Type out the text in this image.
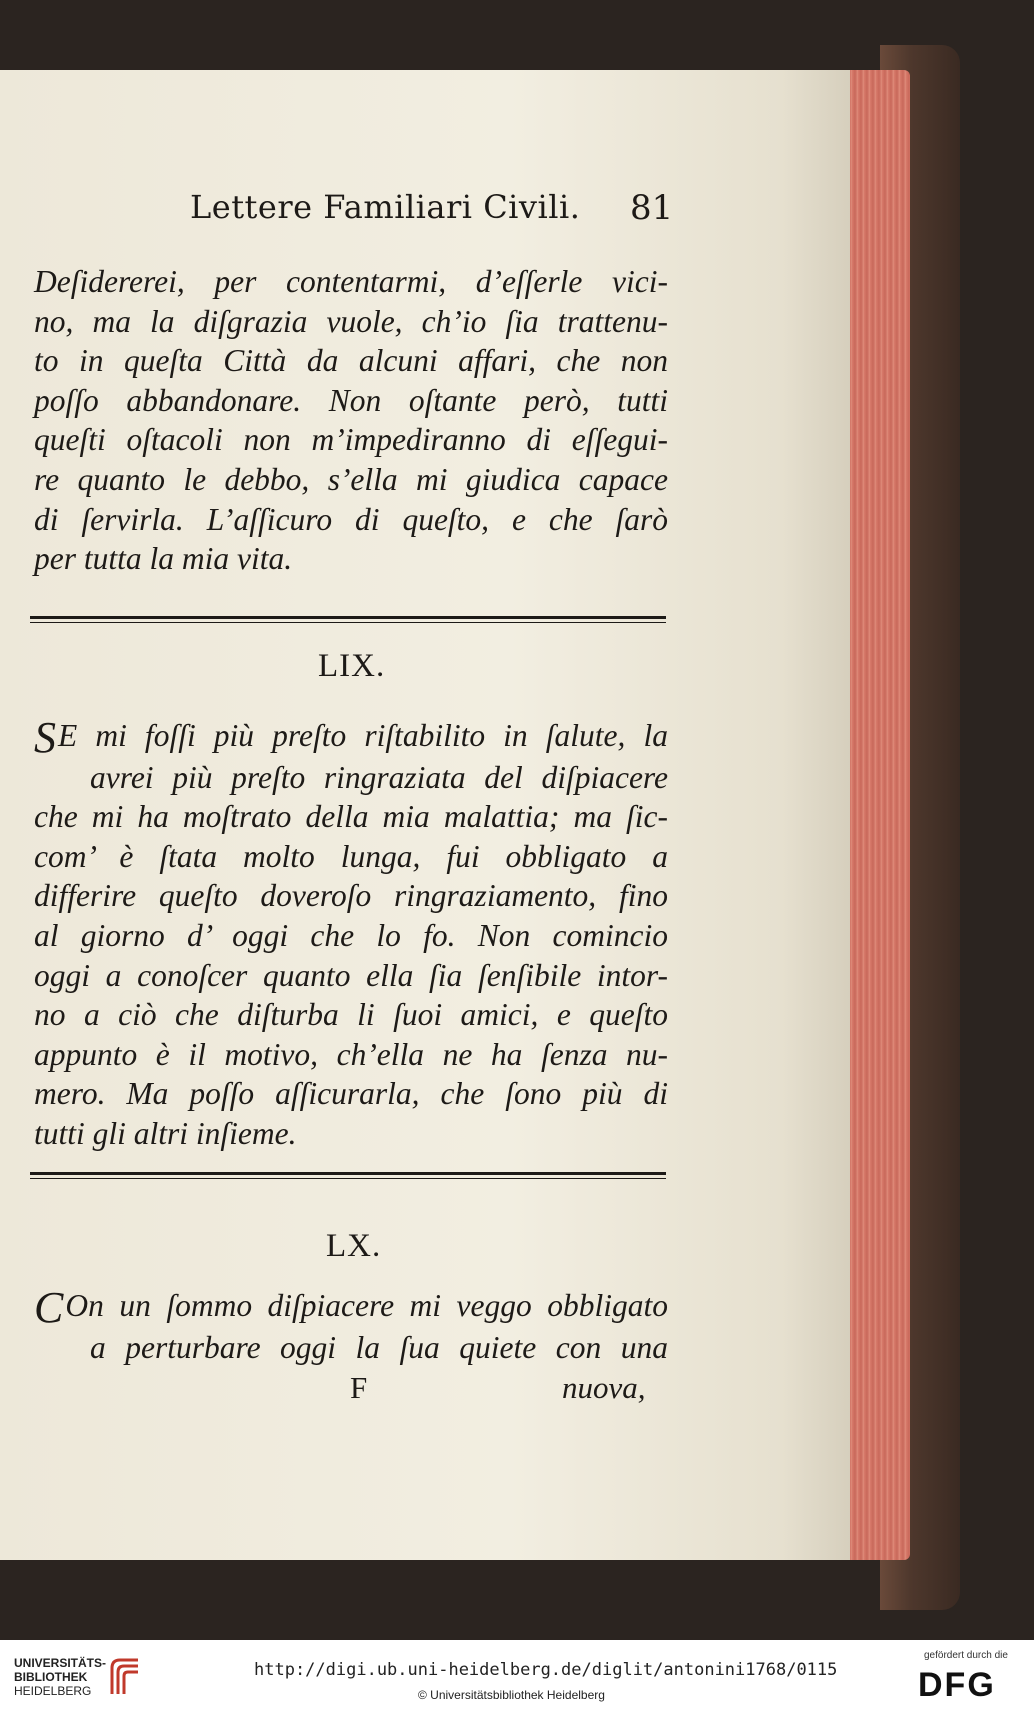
Lettere Familiari Civili. 81
Deſidererei, per contentarmi, d’eſſerle vici-
no, ma la diſgrazia vuole, ch’io ſia trattenu-
to in queſta Città da alcuni affari, che non
poſſo abbandonare. Non oſtante però, tutti
queſti oſtacoli non m’impediranno di eſſegui-
re quanto le debbo, s’ella mi giudica capace
di ſervirla. L’aſſicuro di queſto, e che ſarò
per tutta la mia vita.
LIX.
SE mi foſſi più preſto riſtabilito in ſalute, la
avrei più preſto ringraziata del diſpiacere
che mi ha moſtrato della mia malattia; ma ſic-
com’ è ſtata molto lunga, fui obbligato a
differire queſto doveroſo ringraziamento, fino
al giorno d’ oggi che lo fo. Non comincio
oggi a conoſcer quanto ella ſia ſenſibile intor-
no a ciò che diſturba li ſuoi amici, e queſto
appunto è il motivo, ch’ella ne ha ſenza nu-
mero. Ma poſſo aſſicurarla, che ſono più di
tutti gli altri inſieme.
LX.
COn un ſommo diſpiacere mi veggo obbligato
a perturbare oggi la ſua quiete con una
F	nuova,
UNIVERSITÄTS-
BIBLIOTHEK
HEIDELBERG
http://digi.ub.uni-heidelberg.de/diglit/antonini1768/0115
© Universitätsbibliothek Heidelberg
gefördert durch die
DFG
